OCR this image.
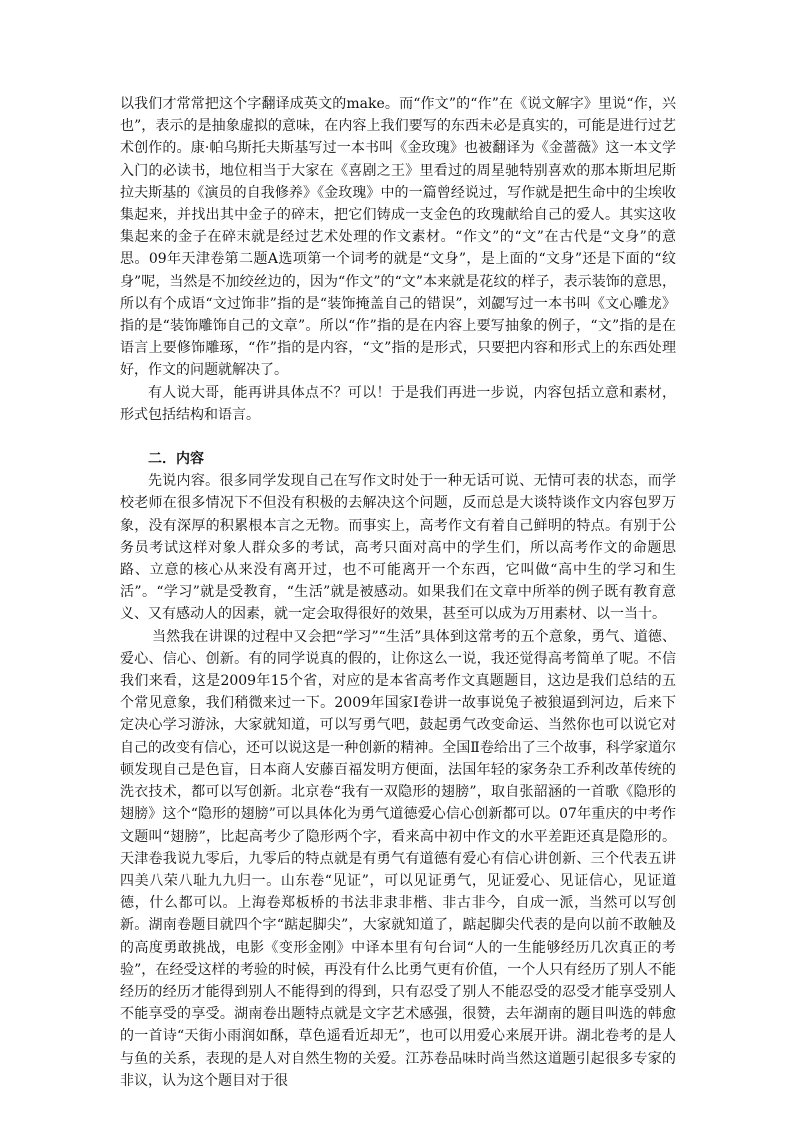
以我们才常常把这个字翻译成英文的make。而“作文”的“作”在《说文解字》里说“作，兴也”，表示的是抽象虚拟的意味，在内容上我们要写的东西未必是真实的，可能是进行过艺术创作的。康·帕乌斯托夫斯基写过一本书叫《金玫瑰》也被翻译为《金蔷薇》这一本文学入门的必读书，地位相当于大家在《喜剧之王》里看过的周星驰特别喜欢的那本斯坦尼斯拉夫斯基的《演员的自我修养》《金玫瑰》中的一篇曾经说过，写作就是把生命中的尘埃收集起来，并找出其中金子的碎末，把它们铸成一支金色的玫瑰献给自己的爱人。其实这收集起来的金子在碎末就是经过艺术处理的作文素材。“作文”的“文”在古代是“文身”的意思。09年天津卷第二题A选项第一个词考的就是“文身”，是上面的“文身”还是下面的“纹身”呢，当然是不加绞丝边的，因为“作文”的“文”本来就是花纹的样子，表示装饰的意思，所以有个成语“文过饰非”指的是“装饰掩盖自己的错误”，刘勰写过一本书叫《文心雕龙》指的是“装饰雕饰自己的文章”。所以“作”指的是在内容上要写抽象的例子，“文”指的是在语言上要修饰雕琢，“作”指的是内容，“文”指的是形式，只要把内容和形式上的东西处理好，作文的问题就解决了。

有人说大哥，能再讲具体点不？可以！于是我们再进一步说，内容包括立意和素材，形式包括结构和语言。

二．内容

先说内容。很多同学发现自己在写作文时处于一种无话可说、无情可表的状态，而学校老师在很多情况下不但没有积极的去解决这个问题，反而总是大谈特谈作文内容包罗万象，没有深厚的积累根本言之无物。而事实上，高考作文有着自己鲜明的特点。有别于公务员考试这样对象人群众多的考试，高考只面对高中的学生们，所以高考作文的命题思路、立意的核心从来没有离开过，也不可能离开一个东西，它叫做“高中生的学习和生活”。“学习”就是受教育，“生活”就是被感动。如果我们在文章中所举的例子既有教育意义、又有感动人的因素，就一定会取得很好的效果，甚至可以成为万用素材、以一当十。

当然我在讲课的过程中又会把“学习”“生活”具体到这常考的五个意象，勇气、道德、爱心、信心、创新。有的同学说真的假的，让你这么一说，我还觉得高考简单了呢。不信我们来看，这是2009年15个省，对应的是本省高考作文真题题目，这边是我们总结的五个常见意象，我们稍微来过一下。2009年国家Ⅰ卷讲一故事说兔子被狼逼到河边，后来下定决心学习游泳，大家就知道，可以写勇气吧，鼓起勇气改变命运、当然你也可以说它对自己的改变有信心，还可以说这是一种创新的精神。全国Ⅱ卷给出了三个故事，科学家道尔顿发现自己是色盲，日本商人安藤百福发明方便面，法国年轻的家务杂工乔利改革传统的洗衣技术，都可以写创新。北京卷“我有一双隐形的翅膀”，取自张韶涵的一首歌《隐形的翅膀》这个“隐形的翅膀”可以具体化为勇气道德爱心信心创新都可以。07年重庆的中考作文题叫“翅膀”，比起高考少了隐形两个字，看来高中初中作文的水平差距还真是隐形的。天津卷我说九零后，九零后的特点就是有勇气有道德有爱心有信心讲创新、三个代表五讲四美八荣八耻九九归一。山东卷“见证”，可以见证勇气，见证爱心、见证信心，见证道德，什么都可以。上海卷郑板桥的书法非隶非楷、非古非今，自成一派，当然可以写创新。湖南卷题目就四个字“踮起脚尖”，大家就知道了，踮起脚尖代表的是向以前不敢触及的高度勇敢挑战，电影《变形金刚》中译本里有句台词“人的一生能够经历几次真正的考验”，在经受这样的考验的时候，再没有什么比勇气更有价值，一个人只有经历了别人不能经历的经历才能得到别人不能得到的得到，只有忍受了别人不能忍受的忍受才能享受别人不能享受的享受。湖南卷出题特点就是文字艺术感强，很赞，去年湖南的题目叫选的韩愈的一首诗“天街小雨润如酥，草色遥看近却无”，也可以用爱心来展开讲。湖北卷考的是人与鱼的关系，表现的是人对自然生物的关爱。江苏卷品味时尚当然这道题引起很多专家的非议，认为这个题目对于很
